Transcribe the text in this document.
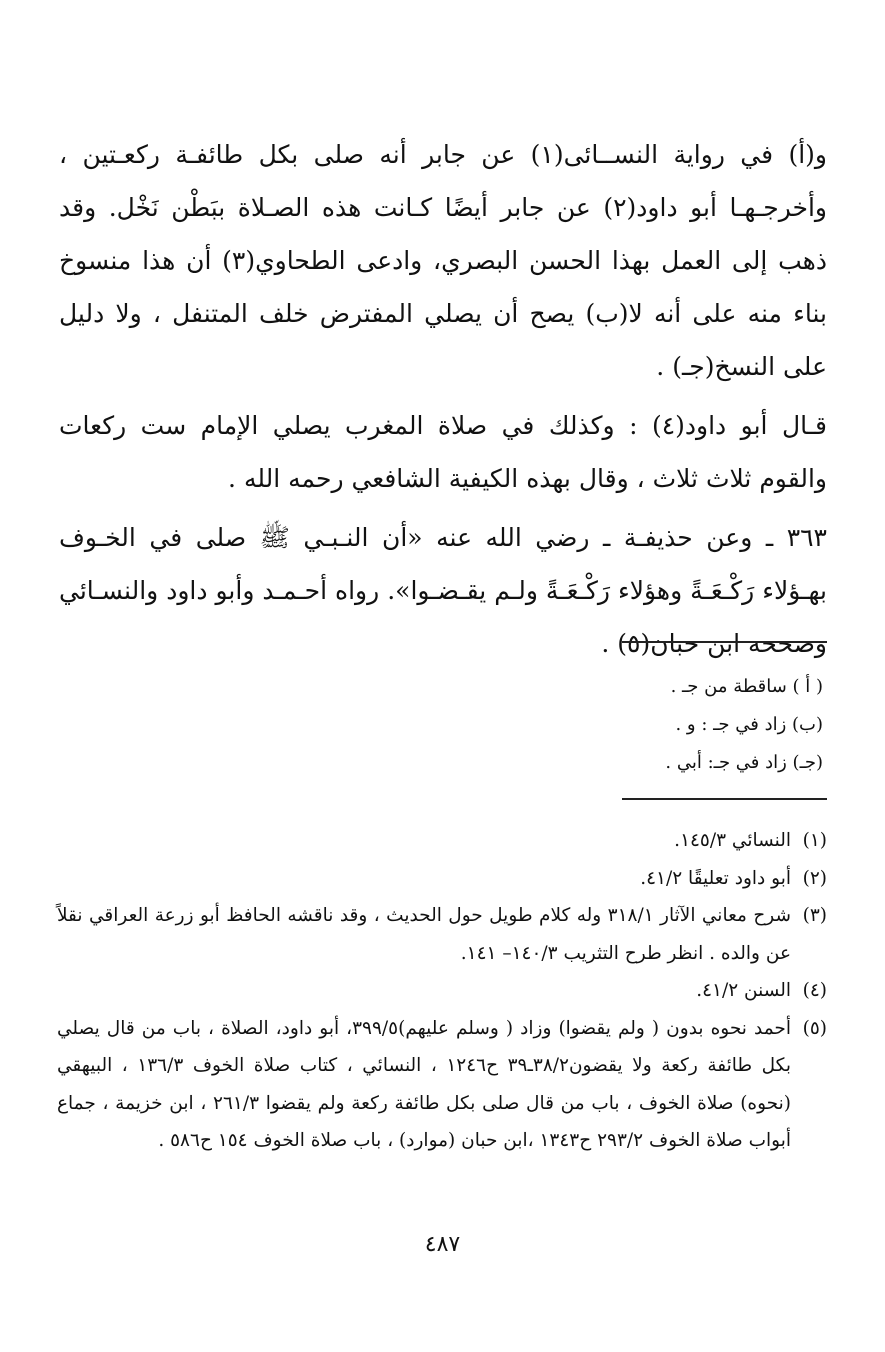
و(أ) في رواية النســائى(١) عن جابر أنه صلى بكل طائفـة ركعـتين ، وأخرجـهـا أبو داود(٢) عن جابر أيضًا كـانت هذه الصـلاة ببَطْن نَخْل. وقد ذهب إلى العمل بهذا الحسن البصري، وادعى الطحاوي(٣) أن هذا منسوخ بناء منه على أنه لا(ب) يصح أن يصلي المفترض خلف المتنفل ، ولا دليل على النسخ(جـ) .

قـال أبو داود(٤) : وكذلك في صلاة المغرب يصلي الإمام ست ركعات والقوم ثلاث ثلاث ، وقال بهذه الكيفية الشافعي رحمه الله .

٣٦٣ ـ وعن حذيفـة ـ رضي الله عنه «أن النـبـي ﷺ صلى في الخـوف بهـؤلاء رَكْـعَـةً وهؤلاء رَكْـعَـةً ولـم يقـضـوا». رواه أحـمـد وأبو داود والنسـائي وصححه ابن حبان(٥) .

( أ ) ساقطة من جـ .
(ب) زاد في جـ : و .
(جـ) زاد في جـ: أبي .
(١)
النسائي ١٤٥/٣.
(٢)
أبو داود تعليقًا ٤١/٢.
(٣)
شرح معاني الآثار ٣١٨/١ وله كلام طويل حول الحديث ، وقد ناقشه الحافظ أبو زرعة العراقي نقلاً عن والده . انظر طرح التثريب ١٤٠/٣– ١٤١.
(٤)
السنن ٤١/٢.
(٥)
أحمد نحوه بدون ( ولم يقضوا) وزاد ( وسلم عليهم)٣٩٩/٥، أبو داود، الصلاة ، باب من قال يصلي بكل طائفة ركعة ولا يقضون٣٨/٢ـ٣٩ ح١٢٤٦ ، النسائي ، كتاب صلاة الخوف ١٣٦/٣ ، البيهقي (نحوه) صلاة الخوف ، باب من قال صلى بكل طائفة ركعة ولم يقضوا ٢٦١/٣ ، ابن خزيمة ، جماع أبواب صلاة الخوف ٢٩٣/٢ ح١٣٤٣ ،ابن حبان (موارد) ، باب صلاة الخوف ١٥٤ ح٥٨٦ .
٤٨٧
